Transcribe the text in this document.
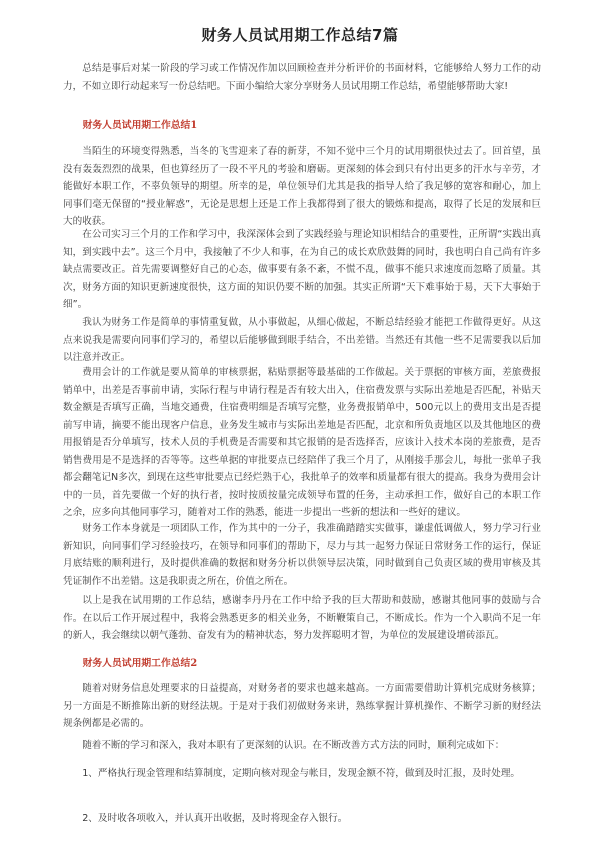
财务人员试用期工作总结7篇
总结是事后对某一阶段的学习或工作情况作加以回顾检查并分析评价的书面材料，它能够给人努力工作的动力，不如立即行动起来写一份总结吧。下面小编给大家分享财务人员试用期工作总结，希望能够帮助大家!
财务人员试用期工作总结1
当陌生的环境变得熟悉，当冬的飞雪迎来了春的新芽，不知不觉中三个月的试用期很快过去了。回首望，虽没有轰轰烈烈的战果，但也算经历了一段不平凡的考验和磨砺。更深刻的体会到只有付出更多的汗水与辛劳，才能做好本职工作，不辜负领导的期望。所幸的是，单位领导们尤其是我的指导人给了我足够的宽容和耐心，加上同事们毫无保留的“授业解惑”，无论是思想上还是工作上我都得到了很大的锻炼和提高，取得了长足的发展和巨大的收获。
在公司实习三个月的工作和学习中，我深深体会到了实践经验与理论知识相结合的重要性，正所谓“实践出真知，到实践中去”。这三个月中，我接触了不少人和事，在为自己的成长欢欣鼓舞的同时，我也明白自己尚有许多缺点需要改正。首先需要调整好自己的心态，做事要有条不紊，不慌不乱，做事不能只求速度而忽略了质量。其次，财务方面的知识更新速度很快，这方面的知识仍要不断的加强。其实正所谓“天下难事始于易，天下大事始于细”。
我认为财务工作是简单的事情重复做，从小事做起，从细心做起，不断总结经验才能把工作做得更好。从这点来说我是需要向同事们学习的，希望以后能够做到眼手结合，不出差错。当然还有其他一些不足需要我以后加以注意并改正。
费用会计的工作就是要从简单的审核票据，粘贴票据等最基础的工作做起。关于票据的审核方面，差旅费报销单中，出差是否事前申请，实际行程与申请行程是否有较大出入，住宿费发票与实际出差地是否匹配，补贴天数金额是否填写正确，当地交通费，住宿费明细是否填写完整，业务费报销单中，500元以上的费用支出是否提前写申请，摘要不能出现客户信息，业务发生城市与实际出差地是否匹配，北京和所负责地区以及其他地区的费用报销是否分单填写，技术人员的手机费是否需要和其它报销的是否选择否，应该计入技术本岗的差旅费，是否销售费用是不是选择的否等等。这些单据的审批要点已经陪伴了我三个月了，从刚接手那会儿，每批一张单子我都会翻笔记N多次，到现在这些审批要点已经烂熟于心，我批单子的效率和质量都有很大的提高。我身为费用会计中的一员，首先要做一个好的执行者，按时按质按量完成领导布置的任务，主动承担工作，做好自己的本职工作之余，应多向其他同事学习，随着对工作的熟悉，能进一步提出一些新的想法和一些好的建议。
财务工作本身就是一项团队工作，作为其中的一分子，我准确踏踏实实做事，谦虚低调做人，努力学习行业新知识，向同事们学习经验技巧，在领导和同事们的帮助下，尽力与其一起努力保证日常财务工作的运行，保证月底结账的顺利进行，及时提供准确的数据和财务分析以供领导层决策，同时做到自己负责区域的费用审核及其凭证制作不出差错。这是我职责之所在，价值之所在。
以上是我在试用期的工作总结，感谢李丹丹在工作中给予我的巨大帮助和鼓励，感谢其他同事的鼓励与合作。在以后工作开展过程中，我将会熟悉更多的相关业务，不断鞭策自己，不断成长。作为一个入职尚不足一年的新人，我会继续以朝气蓬勃、奋发有为的精神状态，努力发挥聪明才智，为单位的发展建设增砖添瓦。
财务人员试用期工作总结2
随着对财务信息处理要求的日益提高，对财务者的要求也越来越高。一方面需要借助计算机完成财务核算；另一方面是不断推陈出新的财经法规。于是对于我们初做财务来讲，熟练掌握计算机操作、不断学习新的财经法规条例都是必需的。
随着不断的学习和深入，我对本职有了更深刻的认识。在不断改善方式方法的同时，顺利完成如下：
1、严格执行现金管理和结算制度，定期向核对现金与帐目，发现金额不符，做到及时汇报，及时处理。
2、及时收各项收入，并认真开出收据，及时将现金存入银行。
